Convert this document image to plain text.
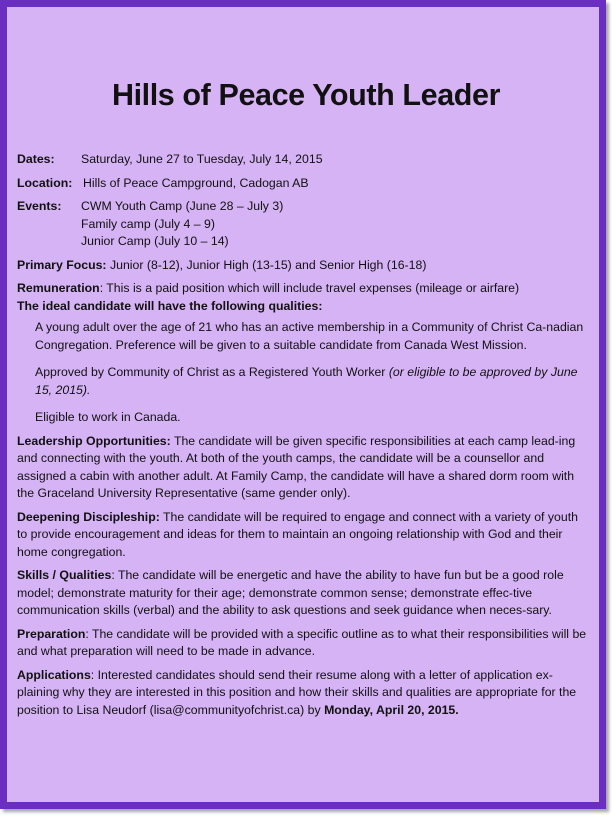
Hills of Peace Youth Leader
Dates:	Saturday, June 27 to Tuesday, July 14, 2015
Location: Hills of Peace Campground, Cadogan AB
Events:	CWM Youth Camp (June 28 – July 3)
Family camp (July 4 – 9)
Junior Camp (July 10 – 14)
Primary Focus: Junior (8-12), Junior High (13-15) and Senior High (16-18)
Remuneration: This is a paid position which will include travel expenses (mileage or airfare)
The ideal candidate will have the following qualities:
A young adult over the age of 21 who has an active membership in a Community of Christ Ca-nadian Congregation. Preference will be given to a suitable candidate from Canada West Mission.
Approved by Community of Christ as a Registered Youth Worker (or eligible to be approved by June 15, 2015).
Eligible to work in Canada.
Leadership Opportunities: The candidate will be given specific responsibilities at each camp lead-ing and connecting with the youth. At both of the youth camps, the candidate will be a counsellor and assigned a cabin with another adult. At Family Camp, the candidate will have a shared dorm room with the Graceland University Representative (same gender only).
Deepening Discipleship: The candidate will be required to engage and connect with a variety of youth to provide encouragement and ideas for them to maintain an ongoing relationship with God and their home congregation.
Skills / Qualities: The candidate will be energetic and have the ability to have fun but be a good role model; demonstrate maturity for their age; demonstrate common sense; demonstrate effec-tive communication skills (verbal) and the ability to ask questions and seek guidance when neces-sary.
Preparation: The candidate will be provided with a specific outline as to what their responsibilities will be and what preparation will need to be made in advance.
Applications: Interested candidates should send their resume along with a letter of application ex-plaining why they are interested in this position and how their skills and qualities are appropriate for the position to Lisa Neudorf (lisa@communityofchrist.ca) by Monday, April 20, 2015.
